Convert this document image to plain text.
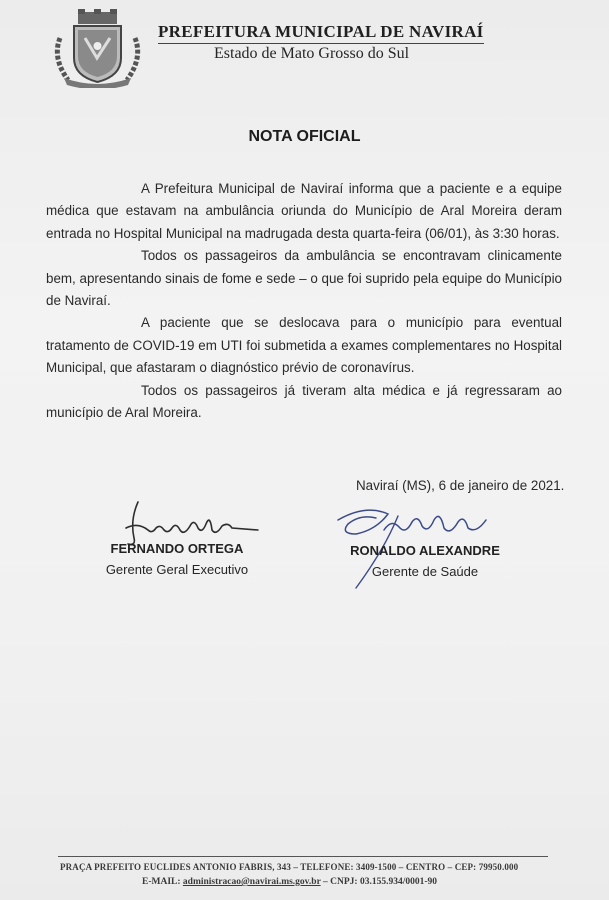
PREFEITURA MUNICIPAL DE NAVIRAÍ
Estado de Mato Grosso do Sul
NOTA OFICIAL

A Prefeitura Municipal de Naviraí informa que a paciente e a equipe médica que estavam na ambulância oriunda do Município de Aral Moreira deram entrada no Hospital Municipal na madrugada desta quarta-feira (06/01), às 3:30 horas.

Todos os passageiros da ambulância se encontravam clinicamente bem, apresentando sinais de fome e sede – o que foi suprido pela equipe do Município de Naviraí.

A paciente que se deslocava para o município para eventual tratamento de COVID-19 em UTI foi submetida a exames complementares no Hospital Municipal, que afastaram o diagnóstico prévio de coronavírus.

Todos os passageiros já tiveram alta médica e já regressaram ao município de Aral Moreira.

Naviraí (MS), 6 de janeiro de 2021.
FERNANDO ORTEGA
Gerente Geral Executivo
RONALDO ALEXANDRE
Gerente de Saúde
PRAÇA PREFEITO EUCLIDES ANTONIO FABRIS, 343 – TELEFONE: 3409-1500 – CENTRO – CEP: 79950.000
E-MAIL: administracao@navirai.ms.gov.br – CNPJ: 03.155.934/0001-90
